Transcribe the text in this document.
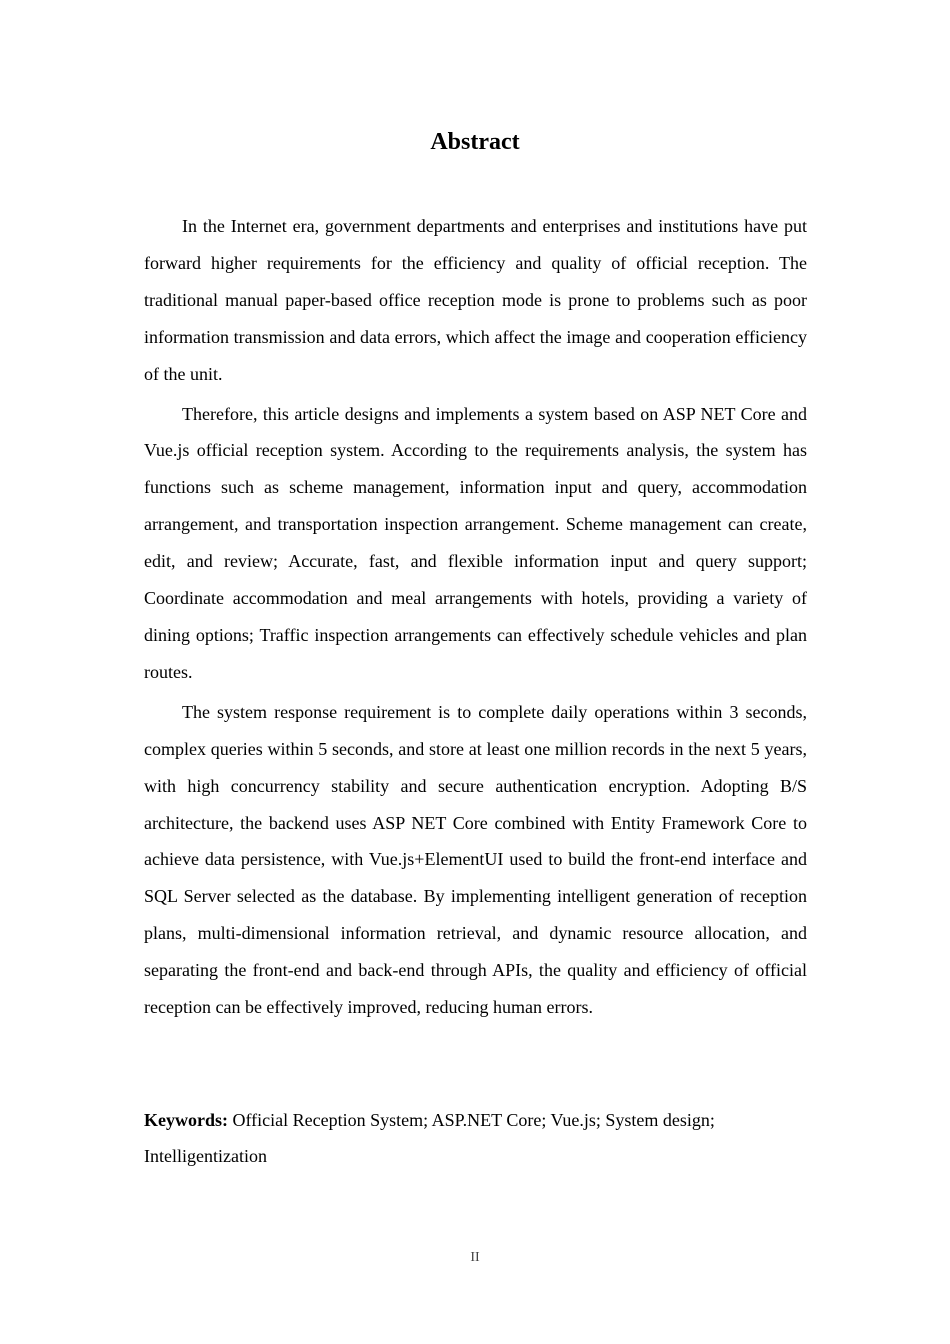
Abstract

In the Internet era, government departments and enterprises and institutions have put forward higher requirements for the efficiency and quality of official reception. The traditional manual paper-based office reception mode is prone to problems such as poor information transmission and data errors, which affect the image and cooperation efficiency of the unit.

Therefore, this article designs and implements a system based on ASP NET Core and Vue.js official reception system. According to the requirements analysis, the system has functions such as scheme management, information input and query, accommodation arrangement, and transportation inspection arrangement. Scheme management can create, edit, and review; Accurate, fast, and flexible information input and query support; Coordinate accommodation and meal arrangements with hotels, providing a variety of dining options; Traffic inspection arrangements can effectively schedule vehicles and plan routes.

The system response requirement is to complete daily operations within 3 seconds, complex queries within 5 seconds, and store at least one million records in the next 5 years, with high concurrency stability and secure authentication encryption. Adopting B/S architecture, the backend uses ASP NET Core combined with Entity Framework Core to achieve data persistence, with Vue.js+ElementUI used to build the front-end interface and SQL Server selected as the database. By implementing intelligent generation of reception plans, multi-dimensional information retrieval, and dynamic resource allocation, and separating the front-end and back-end through APIs, the quality and efficiency of official reception can be effectively improved, reducing human errors.

Keywords: Official Reception System; ASP.NET Core; Vue.js; System design; Intelligentization

II
